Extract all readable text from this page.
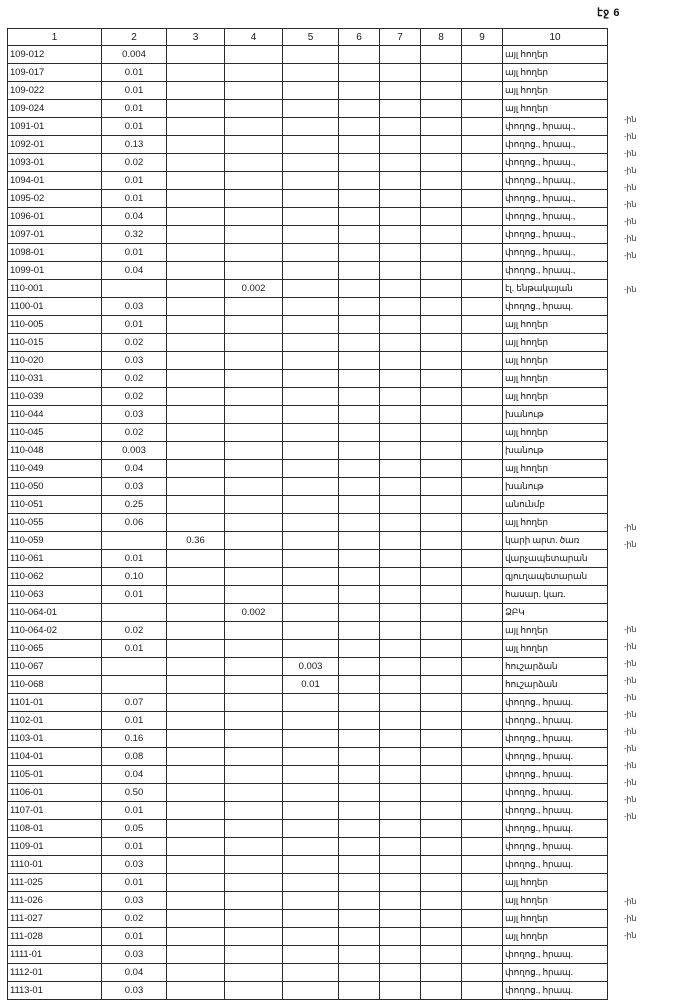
էջ 6
1	2	3	4	5	6	7	8	9	10
109-012	0.004								այլ հողեր
109-017	0.01								այլ հողեր
109-022	0.01								այլ հողեր
109-024	0.01								այլ հողեր
1091-01	0.01								փողոց., հրապ.,
1092-01	0.13								փողոց., հրապ.,
1093-01	0.02								փողոց., հրապ.,
1094-01	0.01								փողոց., հրապ.,
1095-02	0.01								փողոց., հրապ.,
1096-01	0.04								փողոց., հրապ.,
1097-01	0.32								փողոց., հրապ.,
1098-01	0.01								փողոց., հրապ.,
1099-01	0.04								փողոց., հրապ.,
110-001			0.002						էլ. ենթակայան
1100-01	0.03								փողոց., հրապ.
110-005	0.01								այլ հողեր
110-015	0.02								այլ հողեր
110-020	0.03								այլ հողեր
110-031	0.02								այլ հողեր
110-039	0.02								այլ հողեր
110-044	0.03								խանութ
110-045	0.02								այլ հողեր
110-048	0.003								խանութ
110-049	0.04								այլ հողեր
110-050	0.03								խանութ
110-051	0.25								անունմբ
110-055	0.06								այլ հողեր
110-059		0.36							կարի արտ. ծառ
110-061	0.01								վարչապետարան
110-062	0.10								գյուղապետարան
110-063	0.01								հասար. կառ.
110-064-01			0.002						ՁԲԿ
110-064-02	0.02								այլ հողեր
110-065	0.01								այլ հողեր
110-067				0.003					հուշարձան
110-068				0.01					հուշարձան
1101-01	0.07								փողոց., հրապ.
1102-01	0.01								փողոց., հրապ.
1103-01	0.16								փողոց., հրապ.
1104-01	0.08								փողոց., հրապ.
1105-01	0.04								փողոց., հրապ.
1106-01	0.50								փողոց., հրապ.
1107-01	0.01								փողոց., հրապ.
1108-01	0.05								փողոց., հրապ.
1109-01	0.01								փողոց., հրապ.
1110-01	0.03								փողոց., հրապ.
111-025	0.01								այլ հողեր
111-026	0.03								այլ հողեր
111-027	0.02								այլ հողեր
111-028	0.01								այլ հողեր
1111-01	0.03								փողոց., հրապ.
1112-01	0.04								փողոց., հրապ.
1113-01	0.03								փողոց., հրապ.
-ին
-ին
-ին
-ին
-ին
-ին
-ին
-ին
-ին
-ին
-ին
-ին
-ին
-ին
-ին
-ին
-ին
-ին
-ին
-ին
-ին
-ին
-ին
-ին
-ին
-ին
-ին
